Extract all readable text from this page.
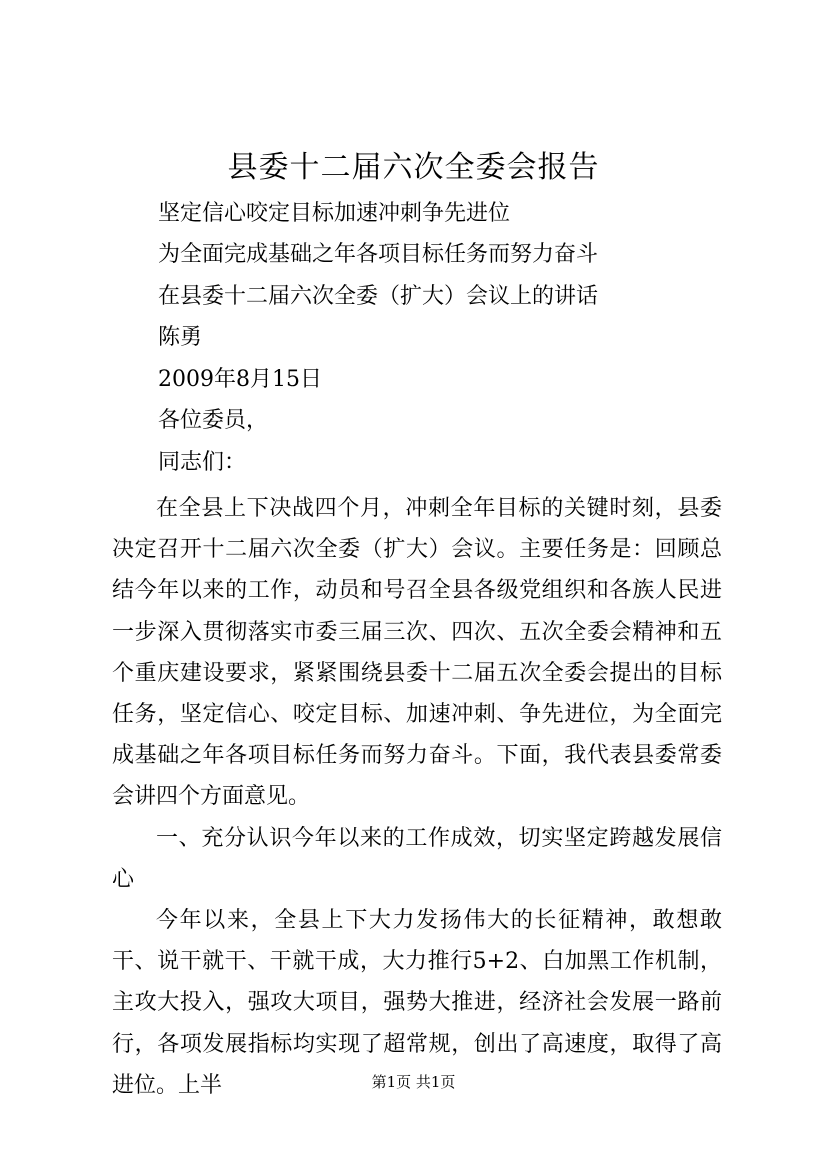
县委十二届六次全委会报告
坚定信心咬定目标加速冲刺争先进位
为全面完成基础之年各项目标任务而努力奋斗
在县委十二届六次全委（扩大）会议上的讲话
陈勇
2009年8月15日
各位委员，
同志们：

在全县上下决战四个月，冲刺全年目标的关键时刻，县委决定召开十二届六次全委（扩大）会议。主要任务是：回顾总结今年以来的工作，动员和号召全县各级党组织和各族人民进一步深入贯彻落实市委三届三次、四次、五次全委会精神和五个重庆建设要求，紧紧围绕县委十二届五次全委会提出的目标任务，坚定信心、咬定目标、加速冲刺、争先进位，为全面完成基础之年各项目标任务而努力奋斗。下面，我代表县委常委会讲四个方面意见。

一、充分认识今年以来的工作成效，切实坚定跨越发展信心

今年以来，全县上下大力发扬伟大的长征精神，敢想敢干、说干就干、干就干成，大力推行5+2、白加黑工作机制，主攻大投入，强攻大项目，强势大推进，经济社会发展一路前行，各项发展指标均实现了超常规，创出了高速度，取得了高进位。上半	第1页 共1页
